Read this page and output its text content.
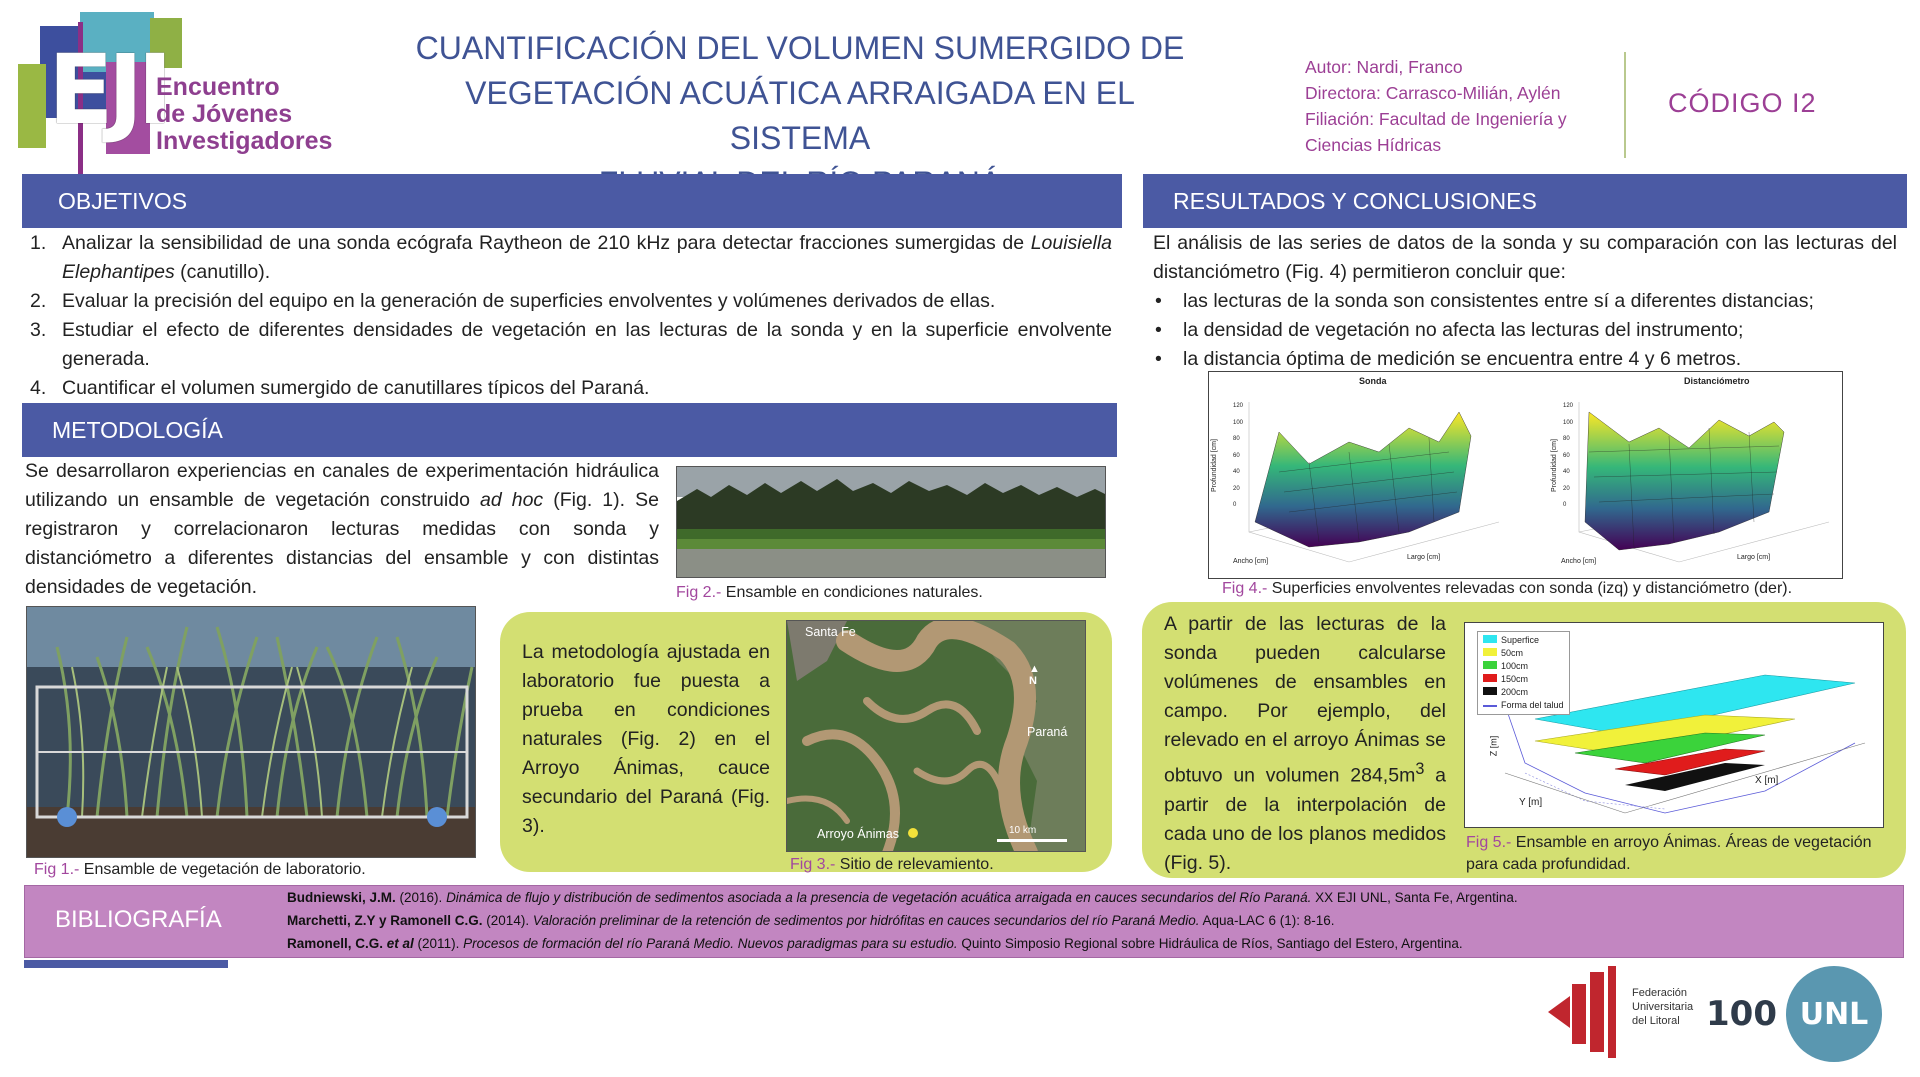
EJI
Encuentro
de Jóvenes
Investigadores
CUANTIFICACIÓN DEL VOLUMEN SUMERGIDO DE
VEGETACIÓN ACUÁTICA ARRAIGADA EN EL SISTEMA
Autor: Nardi, Franco
Directora: Carrasco-Milián, Aylén
Filiación: Facultad de Ingeniería y
Ciencias Hídricas
CÓDIGO I2
OBJETIVOS
1. Analizar la sensibilidad de una sonda ecógrafa Raytheon de 210 kHz para detectar fracciones sumergidas de Louisiella Elephantipes (canutillo).
2. Evaluar la precisión del equipo en la generación de superficies envolventes y volúmenes derivados de ellas.
3. Estudiar el efecto de diferentes densidades de vegetación en las lecturas de la sonda y en la superficie envolvente generada.
4. Cuantificar el volumen sumergido de canutillares típicos del Paraná.
METODOLOGÍA
Se desarrollaron experiencias en canales de experimentación hidráulica utilizando un ensamble de vegetación construido ad hoc (Fig. 1). Se registraron y correlacionaron lecturas medidas con sonda y distanciómetro a diferentes distancias del ensamble y con distintas densidades de vegetación.	Fig 2.- Ensamble en condiciones naturales.
Fig 1.- Ensamble de vegetación de laboratorio.
La metodología ajustada en laboratorio fue puesta a prueba en condiciones naturales (Fig. 2) en el Arroyo Ánimas, cauce secundario del Paraná (Fig. 3).
Santa Fe
Paraná
Arroyo Ánimas
▲
N
10 km
Fig 3.- Sitio de relevamiento.
RESULTADOS Y CONCLUSIONES
El análisis de las series de datos de la sonda y su comparación con las lecturas del distanciómetro (Fig. 4) permitieron concluir que:
• las lecturas de la sonda son consistentes entre sí a diferentes distancias;
• la densidad de vegetación no afecta las lecturas del instrumento;
• la distancia óptima de medición se encuentra entre 4 y 6 metros.
Sonda	Distanciómetro
Profundidad [cm]	Profundidad [cm]
Ancho [cm]
Largo [cm]
Ancho [cm]
Largo [cm]
120
100
80
60
40
20
0
120
100
80
60
40
20
0
Fig 4.- Superficies envolventes relevadas con sonda (izq) y distanciómetro (der).
A partir de las lecturas de la sonda pueden calcularse volúmenes de ensambles en campo. Por ejemplo, del relevado en el arroyo Ánimas se obtuvo un volumen $284,5m^3$ a partir de la interpolación de cada uno de los planos medidos (Fig. 5).
Superfice
50cm
100cm
150cm
200cm
Forma del talud
X [m]
Y [m]
Z [m]
Fig 5.- Ensamble en arroyo Ánimas. Áreas de vegetación para cada profundidad.
BIBLIOGRAFÍA
Budniewski, J.M. (2016). Dinámica de flujo y distribución de sedimentos asociada a la presencia de vegetación acuática arraigada en cauces secundarios del Río Paraná. XX EJI UNL, Santa Fe, Argentina.
Marchetti, Z.Y y Ramonell C.G. (2014). Valoración preliminar de la retención de sedimentos por hidrófitas en cauces secundarios del río Paraná Medio. Aqua-LAC 6 (1): 8-16.
Ramonell, C.G. et al (2011). Procesos de formación del río Paraná Medio. Nuevos paradigmas para su estudio. Quinto Simposio Regional sobre Hidráulica de Ríos, Santiago del Estero, Argentina.
Federación
Universitaria
del Litoral 100 UNL
